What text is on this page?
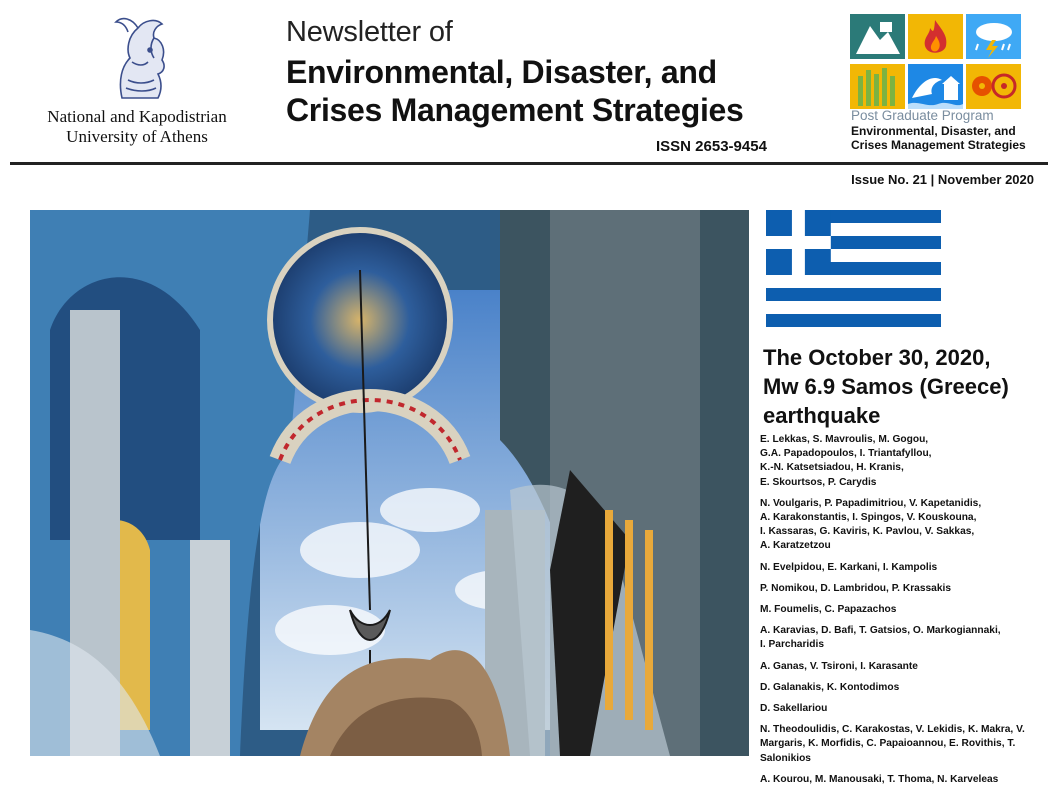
National and Kapodistrian
University of Athens
Newsletter of
Environmental, Disaster, and
Crises Management Strategies
ISSN 2653-9454
Post Graduate Program
Environmental, Disaster, and
Crises Management Strategies
Issue No. 21 | November 2020
The October 30, 2020,
Mw 6.9 Samos (Greece)
earthquake
E. Lekkas, S. Mavroulis, M. Gogou,
G.A. Papadopoulos, I. Triantafyllou,
K.-N. Katsetsiadou, H. Kranis,
E. Skourtsos, P. Carydis
N. Voulgaris, P. Papadimitriou, V. Kapetanidis,
A. Karakonstantis, I. Spingos, V. Kouskouna,
I. Kassaras, G. Kaviris, K. Pavlou, V. Sakkas,
A. Karatzetzou
N. Evelpidou, E. Karkani, I. Kampolis
P. Nomikou, D. Lambridou, P. Krassakis
M. Foumelis, C. Papazachos
A. Karavias, D. Bafi, T. Gatsios, O. Markogiannaki,
I. Parcharidis
A. Ganas, V. Tsironi, I. Karasante
D. Galanakis, K. Kontodimos
D. Sakellariou
N. Theodoulidis, C. Karakostas, V. Lekidis, K. Makra, V.
Margaris, K. Morfidis, C. Papaioannou, E. Rovithis, T.
Salonikios
A. Kourou, M. Manousaki, T. Thoma, N. Karveleas
